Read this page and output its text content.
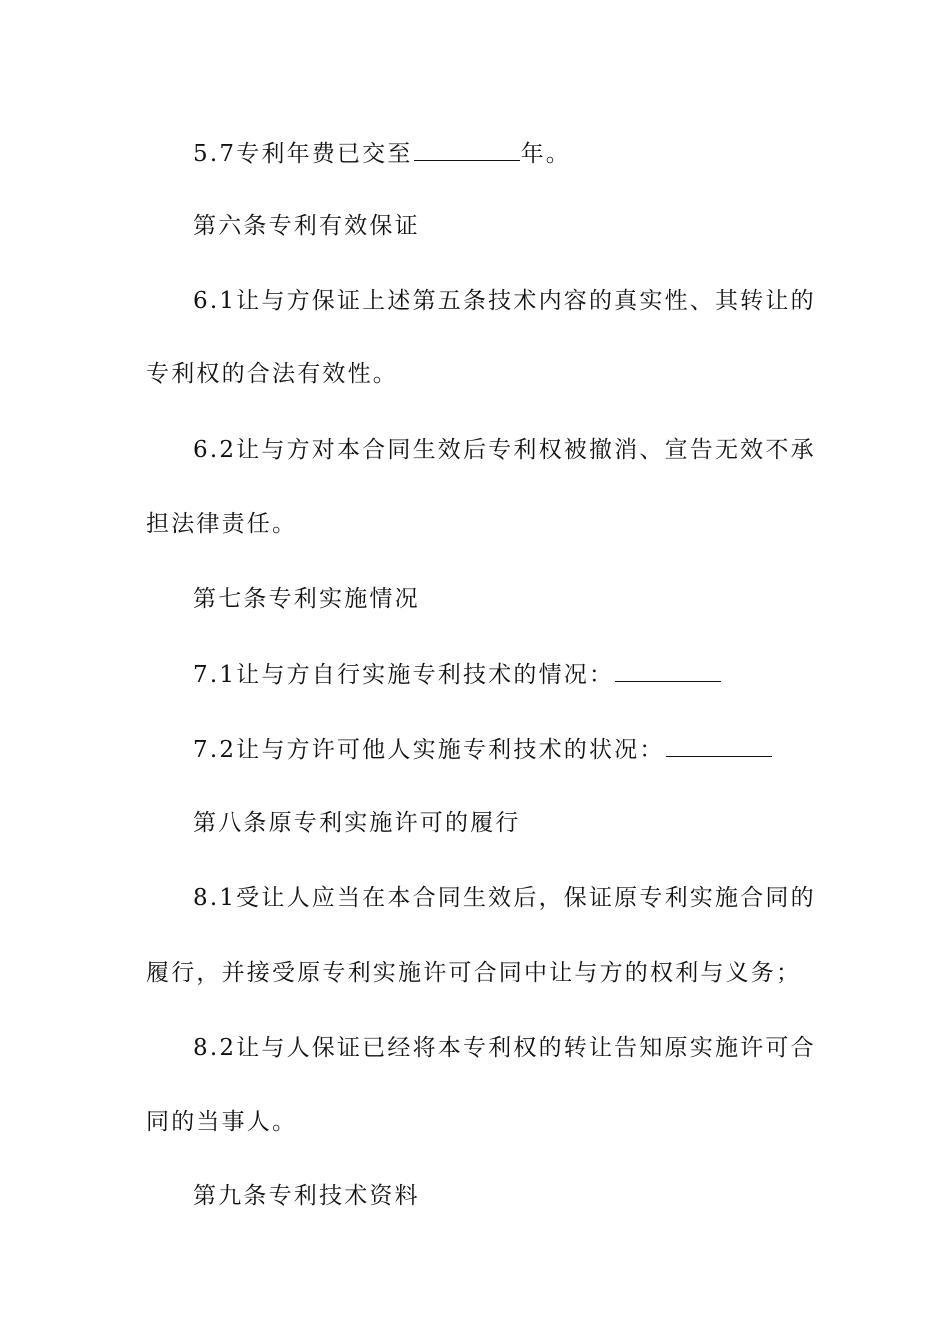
5.7专利年费已交至	年。
第六条专利有效保证
6.1让与方保证上述第五条技术内容的真实性、其转让的
专利权的合法有效性。
6.2让与方对本合同生效后专利权被撤消、宣告无效不承
担法律责任。
第七条专利实施情况
7.1让与方自行实施专利技术的情况：
7.2让与方许可他人实施专利技术的状况：
第八条原专利实施许可的履行
8.1受让人应当在本合同生效后，保证原专利实施合同的
履行，并接受原专利实施许可合同中让与方的权利与义务；
8.2让与人保证已经将本专利权的转让告知原实施许可合
同的当事人。
第九条专利技术资料
